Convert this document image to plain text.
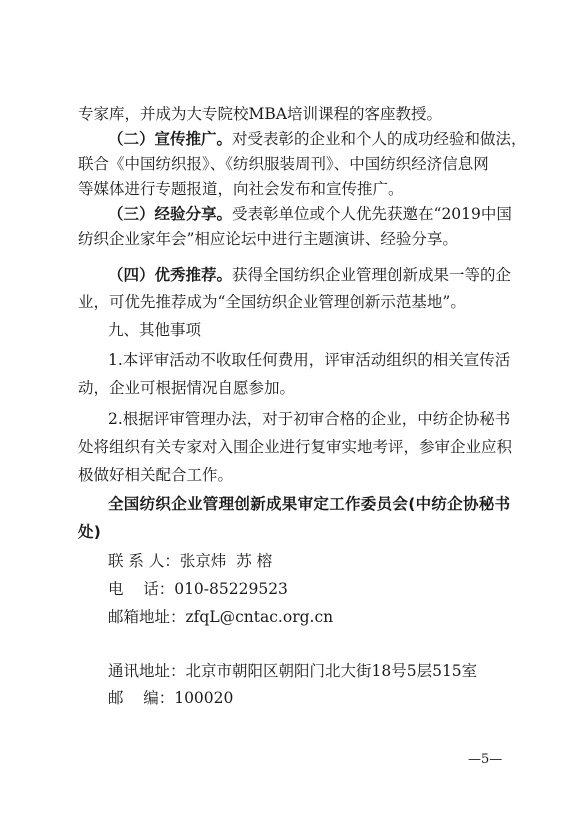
专家库，并成为大专院校MBA培训课程的客座教授。
（二）宣传推广。对受表彰的企业和个人的成功经验和做法，
联合《中国纺织报》、《纺织服装周刊》、中国纺织经济信息网
等媒体进行专题报道，向社会发布和宣传推广。
（三）经验分享。受表彰单位或个人优先获邀在“2019中国
纺织企业家年会”相应论坛中进行主题演讲、经验分享。
（四）优秀推荐。获得全国纺织企业管理创新成果一等的企
业，可优先推荐成为“全国纺织企业管理创新示范基地”。
九、其他事项
1.本评审活动不收取任何费用，评审活动组织的相关宣传活
动，企业可根据情况自愿参加。
2.根据评审管理办法，对于初审合格的企业，中纺企协秘书
处将组织有关专家对入围企业进行复审实地考评，参审企业应积
极做好相关配合工作。
全国纺织企业管理创新成果审定工作委员会(中纺企协秘书
处)
联 系 人：张京炜  苏 榕
电    话：010-85229523
邮箱地址：zfqL@cntac.org.cn
通讯地址：北京市朝阳区朝阳门北大街18号5层515室
邮    编：100020
—5—
